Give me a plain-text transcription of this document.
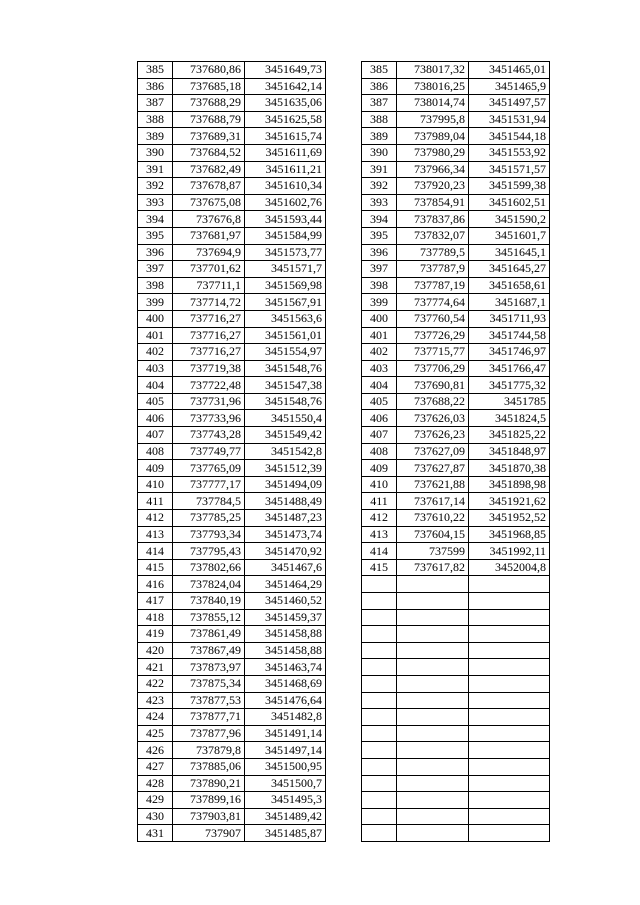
385	737680,86	3451649,73
386	737685,18	3451642,14
387	737688,29	3451635,06
388	737688,79	3451625,58
389	737689,31	3451615,74
390	737684,52	3451611,69
391	737682,49	3451611,21
392	737678,87	3451610,34
393	737675,08	3451602,76
394	737676,8	3451593,44
395	737681,97	3451584,99
396	737694,9	3451573,77
397	737701,62	3451571,7
398	737711,1	3451569,98
399	737714,72	3451567,91
400	737716,27	3451563,6
401	737716,27	3451561,01
402	737716,27	3451554,97
403	737719,38	3451548,76
404	737722,48	3451547,38
405	737731,96	3451548,76
406	737733,96	3451550,4
407	737743,28	3451549,42
408	737749,77	3451542,8
409	737765,09	3451512,39
410	737777,17	3451494,09
411	737784,5	3451488,49
412	737785,25	3451487,23
413	737793,34	3451473,74
414	737795,43	3451470,92
415	737802,66	3451467,6
416	737824,04	3451464,29
417	737840,19	3451460,52
418	737855,12	3451459,37
419	737861,49	3451458,88
420	737867,49	3451458,88
421	737873,97	3451463,74
422	737875,34	3451468,69
423	737877,53	3451476,64
424	737877,71	3451482,8
425	737877,96	3451491,14
426	737879,8	3451497,14
427	737885,06	3451500,95
428	737890,21	3451500,7
429	737899,16	3451495,3
430	737903,81	3451489,42
431	737907	3451485,87
385	738017,32	3451465,01
386	738016,25	3451465,9
387	738014,74	3451497,57
388	737995,8	3451531,94
389	737989,04	3451544,18
390	737980,29	3451553,92
391	737966,34	3451571,57
392	737920,23	3451599,38
393	737854,91	3451602,51
394	737837,86	3451590,2
395	737832,07	3451601,7
396	737789,5	3451645,1
397	737787,9	3451645,27
398	737787,19	3451658,61
399	737774,64	3451687,1
400	737760,54	3451711,93
401	737726,29	3451744,58
402	737715,77	3451746,97
403	737706,29	3451766,47
404	737690,81	3451775,32
405	737688,22	3451785
406	737626,03	3451824,5
407	737626,23	3451825,22
408	737627,09	3451848,97
409	737627,87	3451870,38
410	737621,88	3451898,98
411	737617,14	3451921,62
412	737610,22	3451952,52
413	737604,15	3451968,85
414	737599	3451992,11
415	737617,82	3452004,8
